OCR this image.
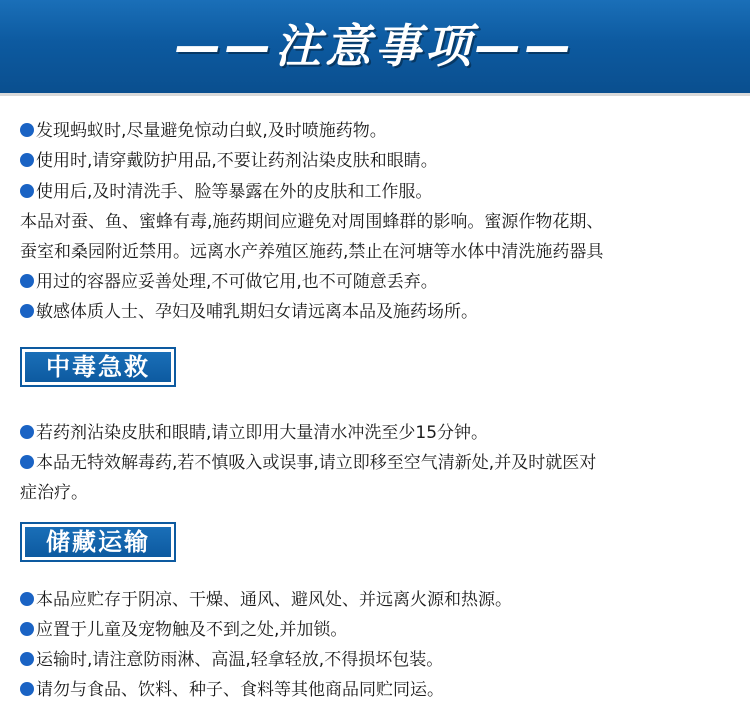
——注意事项——
发现蚂蚁时,尽量避免惊动白蚁,及时喷施药物。
使用时,请穿戴防护用品,不要让药剂沾染皮肤和眼睛。
使用后,及时清洗手、脸等暴露在外的皮肤和工作服。
本品对蚕、鱼、蜜蜂有毒,施药期间应避免对周围蜂群的影响。蜜源作物花期、
蚕室和桑园附近禁用。远离水产养殖区施药,禁止在河塘等水体中清洗施药器具
用过的容器应妥善处理,不可做它用,也不可随意丢弃。
敏感体质人士、孕妇及哺乳期妇女请远离本品及施药场所。
中毒急救
若药剂沾染皮肤和眼睛,请立即用大量清水冲洗至少15分钟。
本品无特效解毒药,若不慎吸入或误事,请立即移至空气清新处,并及时就医对
症治疗。
储藏运输
本品应贮存于阴凉、干燥、通风、避风处、并远离火源和热源。
应置于儿童及宠物触及不到之处,并加锁。
运输时,请注意防雨淋、高温,轻拿轻放,不得损坏包装。
请勿与食品、饮料、种子、食料等其他商品同贮同运。
